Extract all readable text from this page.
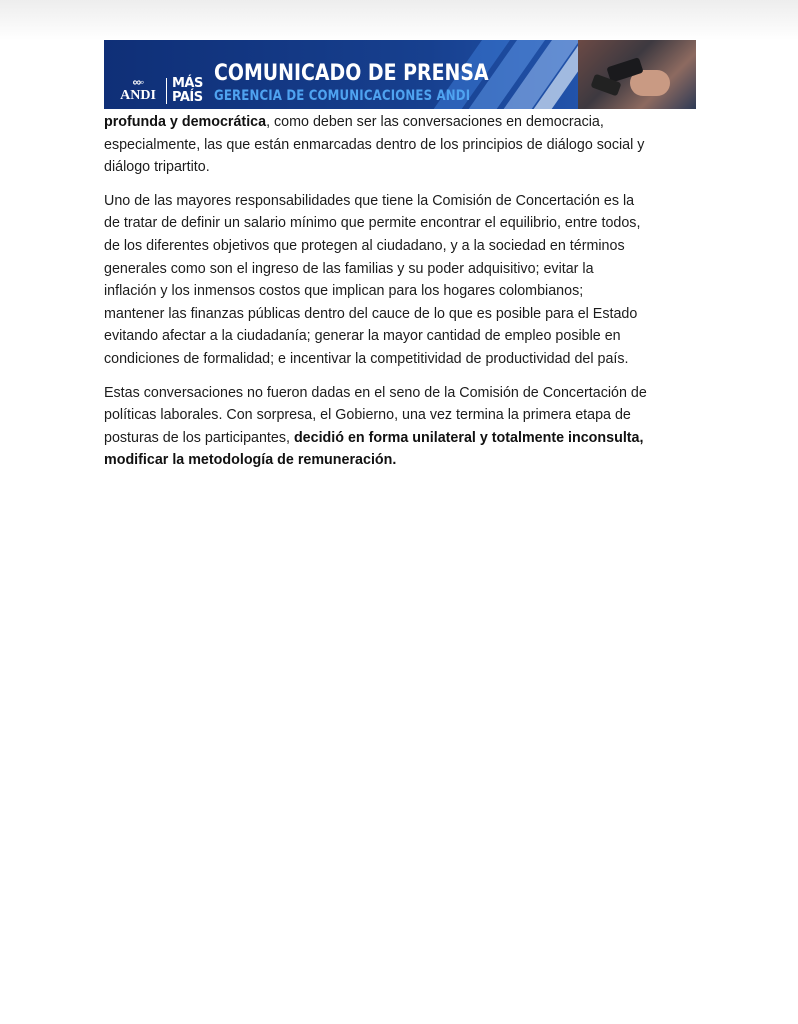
∞◦
ANDI
MÁS
PAÍS
COMUNICADO DE PRENSA
GERENCIA DE COMUNICACIONES ANDI

profunda y democrática, como deben ser las conversaciones en democracia,
especialmente, las que están enmarcadas dentro de los principios de diálogo social y
diálogo tripartito.

Uno de las mayores responsabilidades que tiene la Comisión de Concertación es la
de tratar de definir un salario mínimo que permite encontrar el equilibrio, entre todos,
de los diferentes objetivos que protegen al ciudadano, y a la sociedad en términos
generales como son el ingreso de las familias y su poder adquisitivo; evitar la
inflación y los inmensos costos que implican para los hogares colombianos;
mantener las finanzas públicas dentro del cauce de lo que es posible para el Estado
evitando afectar a la ciudadanía; generar la mayor cantidad de empleo posible en
condiciones de formalidad; e incentivar la competitividad de productividad del país.

Estas conversaciones no fueron dadas en el seno de la Comisión de Concertación de
políticas laborales. Con sorpresa, el Gobierno, una vez termina la primera etapa de
posturas de los participantes, decidió en forma unilateral y totalmente inconsulta,
modificar la metodología de remuneración.
